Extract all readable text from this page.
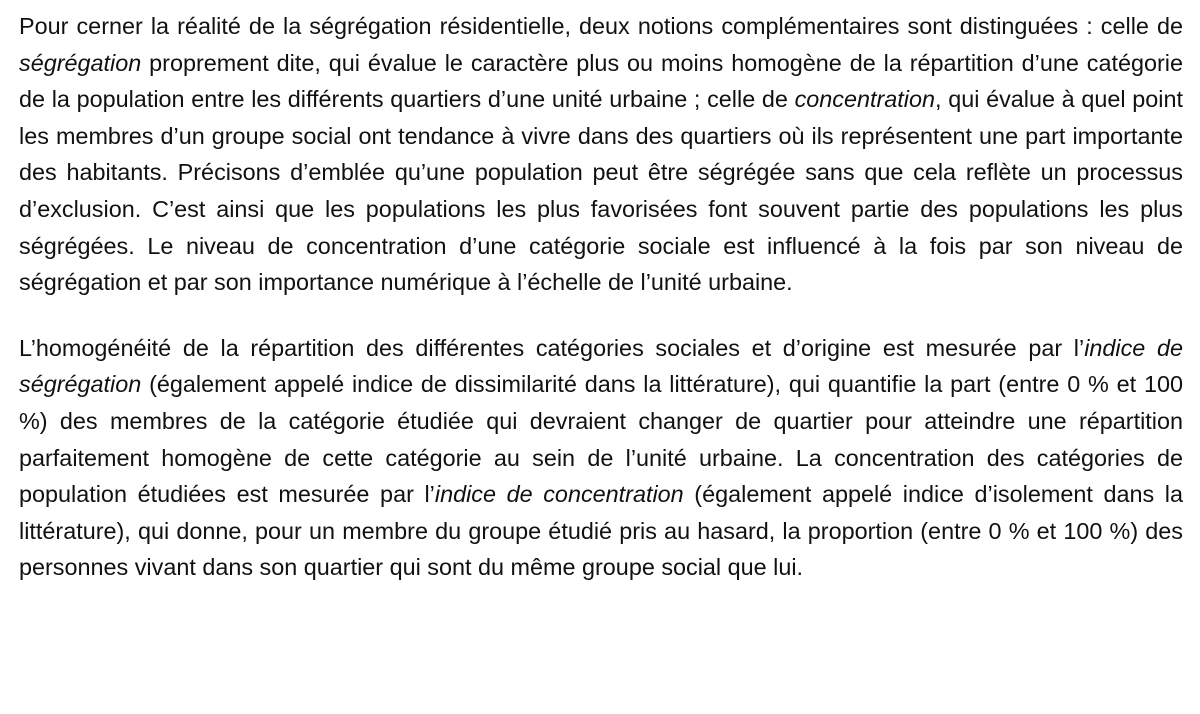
Pour cerner la réalité de la ségrégation résidentielle, deux notions complémentaires sont distinguées : celle de ségrégation proprement dite, qui évalue le caractère plus ou moins homogène de la répartition d’une catégorie de la population entre les différents quartiers d’une unité urbaine ; celle de concentration, qui évalue à quel point les membres d’un groupe social ont tendance à vivre dans des quartiers où ils représentent une part importante des habitants. Précisons d’emblée qu’une population peut être ségrégée sans que cela reflète un processus d’exclusion. C’est ainsi que les populations les plus favorisées font souvent partie des populations les plus ségrégées. Le niveau de concentration d’une catégorie sociale est influencé à la fois par son niveau de ségrégation et par son importance numérique à l’échelle de l’unité urbaine.

L’homogénéité de la répartition des différentes catégories sociales et d’origine est mesurée par l’indice de ségrégation (également appelé indice de dissimilarité dans la littérature), qui quantifie la part (entre 0 % et 100 %) des membres de la catégorie étudiée qui devraient changer de quartier pour atteindre une répartition parfaitement homogène de cette catégorie au sein de l’unité urbaine. La concentration des catégories de population étudiées est mesurée par l’indice de concentration (également appelé indice d’isolement dans la littérature), qui donne, pour un membre du groupe étudié pris au hasard, la proportion (entre 0 % et 100 %) des personnes vivant dans son quartier qui sont du même groupe social que lui.
